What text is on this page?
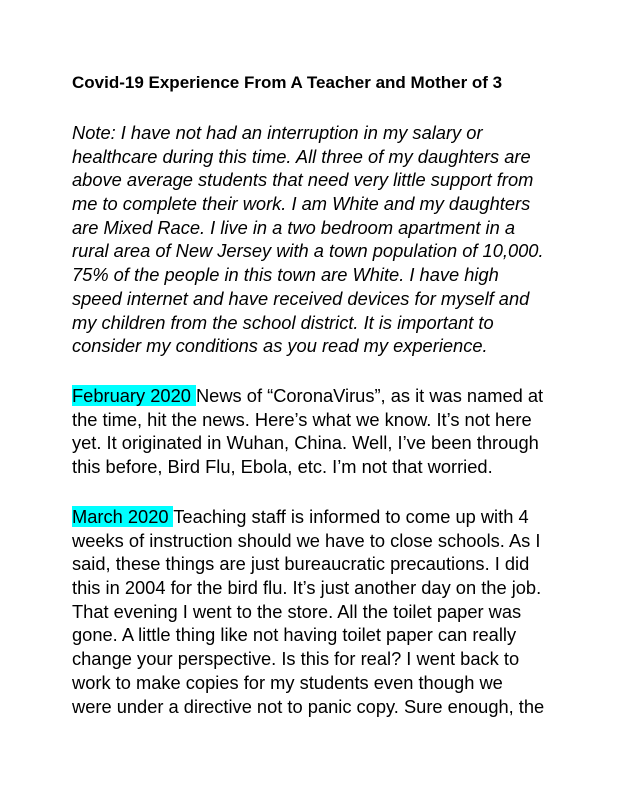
Covid-19 Experience From A Teacher and Mother of 3
Note: I have not had an interruption in my salary or
healthcare during this time. All three of my daughters are
above average students that need very little support from
me to complete their work. I am White and my daughters
are Mixed Race. I live in a two bedroom apartment in a
rural area of New Jersey with a town population of 10,000.
75% of the people in this town are White. I have high
speed internet and have received devices for myself and
my children from the school district. It is important to
consider my conditions as you read my experience.
February 2020 News of “CoronaVirus”, as it was named at
the time, hit the news. Here’s what we know. It’s not here
yet. It originated in Wuhan, China. Well, I’ve been through
this before, Bird Flu, Ebola, etc. I’m not that worried.
March 2020 Teaching staff is informed to come up with 4
weeks of instruction should we have to close schools. As I
said, these things are just bureaucratic precautions. I did
this in 2004 for the bird flu. It’s just another day on the job.
That evening I went to the store. All the toilet paper was
gone. A little thing like not having toilet paper can really
change your perspective. Is this for real? I went back to
work to make copies for my students even though we
were under a directive not to panic copy. Sure enough, the
